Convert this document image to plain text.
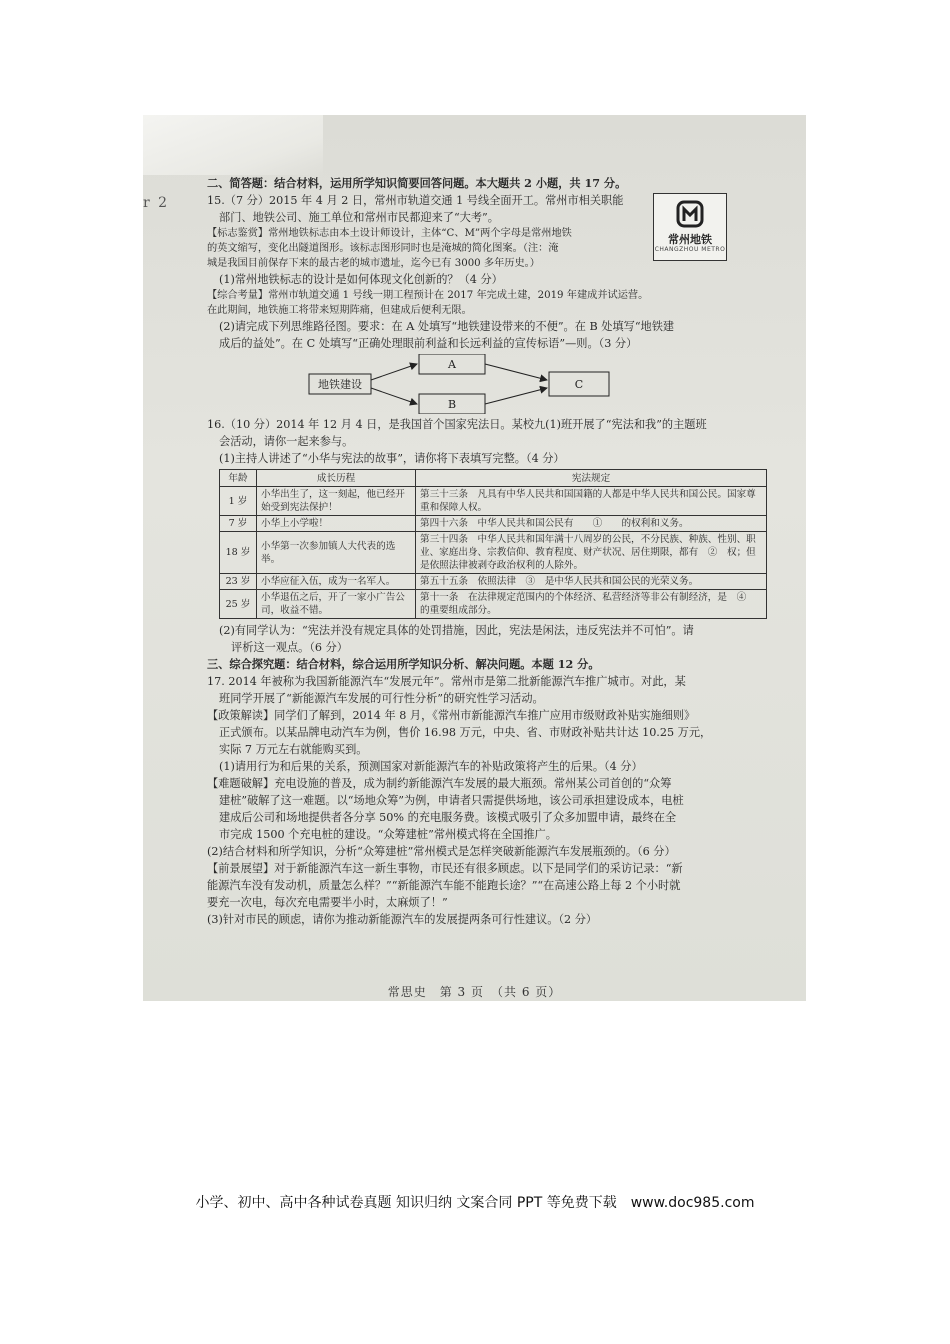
r 2
常州地铁
CHANGZHOU METRO

二、简答题：结合材料，运用所学知识简要回答问题。本大题共 2 小题，共 17 分。

15.（7 分）2015 年 4 月 2 日，常州市轨道交通 1 号线全面开工。常州市相关职能

部门、地铁公司、施工单位和常州市民都迎来了“大考”。

【标志鉴赏】常州地铁标志由本土设计师设计，主体“C、M”两个字母是常州地铁

的英文缩写，变化出隧道图形。该标志图形同时也是淹城的简化图案。（注：淹

城是我国目前保存下来的最古老的城市遗址，迄今已有 3000 多年历史。）

(1)常州地铁标志的设计是如何体现文化创新的？（4 分）

【综合考量】常州市轨道交通 1 号线一期工程预计在 2017 年完成土建，2019 年建成并试运营。

在此期间，地铁施工将带来短期阵痛，但建成后便利无限。

(2)请完成下列思维路径图。要求：在 A 处填写“地铁建设带来的不便”。在 B 处填写“地铁建

成后的益处”。在 C 处填写“正确处理眼前利益和长远利益的宣传标语”—则。（3 分）

地铁建设
A
B
C

16.（10 分）2014 年 12 月 4 日，是我国首个国家宪法日。某校九(1)班开展了“宪法和我”的主题班

会活动，请你一起来参与。

(1)主持人讲述了“小华与宪法的故事”，请你将下表填写完整。（4 分）

年龄	成长历程	宪法规定
1 岁	小华出生了，这一刻起，他已经开始受到宪法保护！	第三十三条　凡具有中华人民共和国国籍的人都是中华人民共和国公民。国家尊重和保障人权。
7 岁	小华上小学啦！	第四十六条　中华人民共和国公民有　　①　　的权利和义务。
18 岁	小华第一次参加镇人大代表的选举。	第三十四条　中华人民共和国年满十八周岁的公民，不分民族、种族、性别、职业、家庭出身、宗教信仰、教育程度、财产状况、居住期限，都有　②　权；但是依照法律被剥夺政治权利的人除外。
23 岁	小华应征入伍，成为一名军人。	第五十五条　依照法律　③　是中华人民共和国公民的光荣义务。
25 岁	小华退伍之后，开了一家小广告公司，收益不错。	第十一条　在法律规定范围内的个体经济、私营经济等非公有制经济，是　④　的重要组成部分。

(2)有同学认为：“宪法并没有规定具体的处罚措施，因此，宪法是闲法，违反宪法并不可怕”。请

评析这一观点。（6 分）

三、综合探究题：结合材料，综合运用所学知识分析、解决问题。本题 12 分。

17. 2014 年被称为我国新能源汽车“发展元年”。常州市是第二批新能源汽车推广城市。对此，某

班同学开展了“新能源汽车发展的可行性分析”的研究性学习活动。

【政策解读】同学们了解到，2014 年 8 月，《常州市新能源汽车推广应用市级财政补贴实施细则》

正式颁布。以某品牌电动汽车为例，售价 16.98 万元，中央、省、市财政补贴共计达 10.25 万元，

实际 7 万元左右就能购买到。

(1)请用行为和后果的关系，预测国家对新能源汽车的补贴政策将产生的后果。（4 分）

【难题破解】充电设施的普及，成为制约新能源汽车发展的最大瓶颈。常州某公司首创的“众筹

建桩”破解了这一难题。以“场地众筹”为例，申请者只需提供场地，该公司承担建设成本，电桩

建成后公司和场地提供者各分享 50% 的充电服务费。该模式吸引了众多加盟申请，最终在全

市完成 1500 个充电桩的建设。“众筹建桩”常州模式将在全国推广。

(2)结合材料和所学知识，分析“众筹建桩”常州模式是怎样突破新能源汽车发展瓶颈的。（6 分）

【前景展望】对于新能源汽车这一新生事物，市民还有很多顾虑。以下是同学们的采访记录：“新

能源汽车没有发动机，质量怎么样？”“新能源汽车能不能跑长途？”“在高速公路上每 2 个小时就

要充一次电，每次充电需要半小时，太麻烦了！”

(3)针对市民的顾虑，请你为推动新能源汽车的发展提两条可行性建议。（2 分）

常思史　第 3 页　（共 6 页）
小学、初中、高中各种试卷真题 知识归纳 文案合同 PPT 等免费下载　www.doc985.com
